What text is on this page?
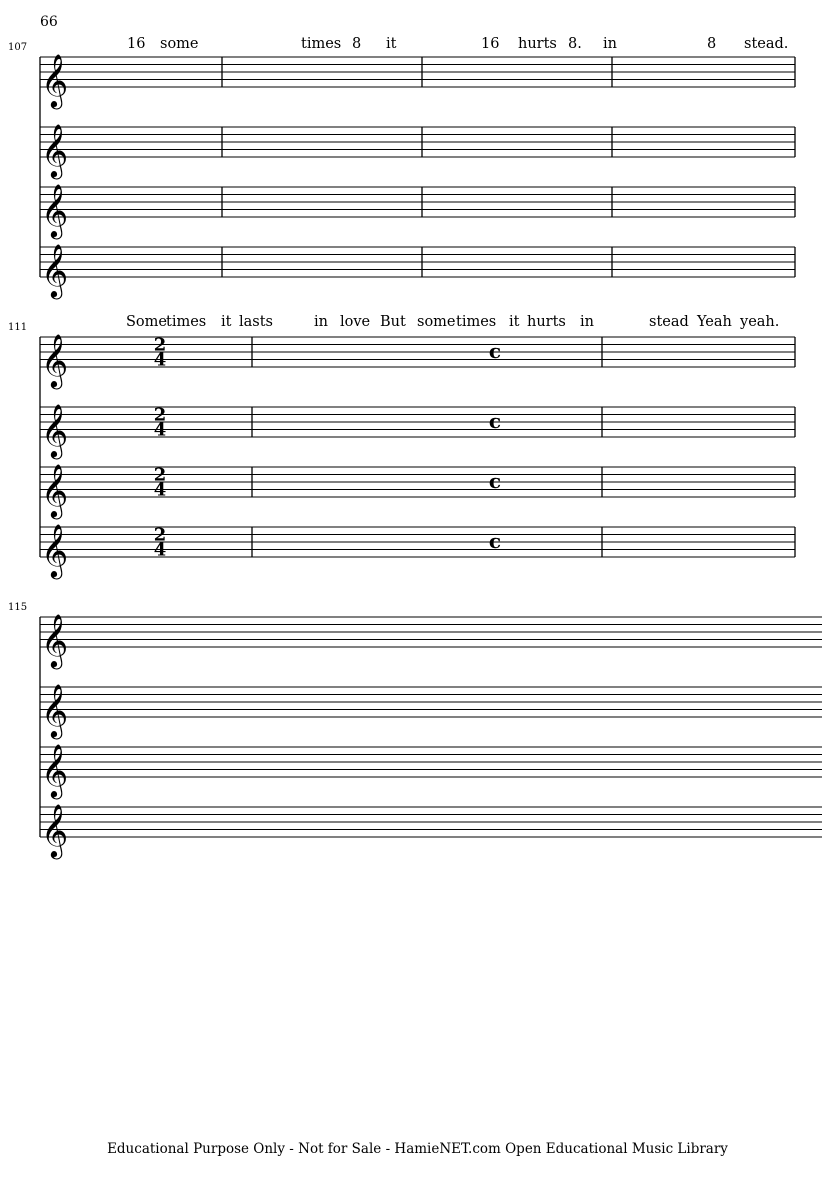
66
107
111
115
16 some	times 8 it	16 hurts 8. in	8 stead.
Some times it lasts	in love But some times it hurts in	stead Yeah yeah.
𝄞
𝄞
𝄞
𝄞
𝄞
𝄞
𝄞
𝄞
𝄞
𝄞
𝄞
𝄞
2
4	c
2
4	c
2
4	c
2
4	c
Educational Purpose Only - Not for Sale - HamieNET.com Open Educational Music Library
